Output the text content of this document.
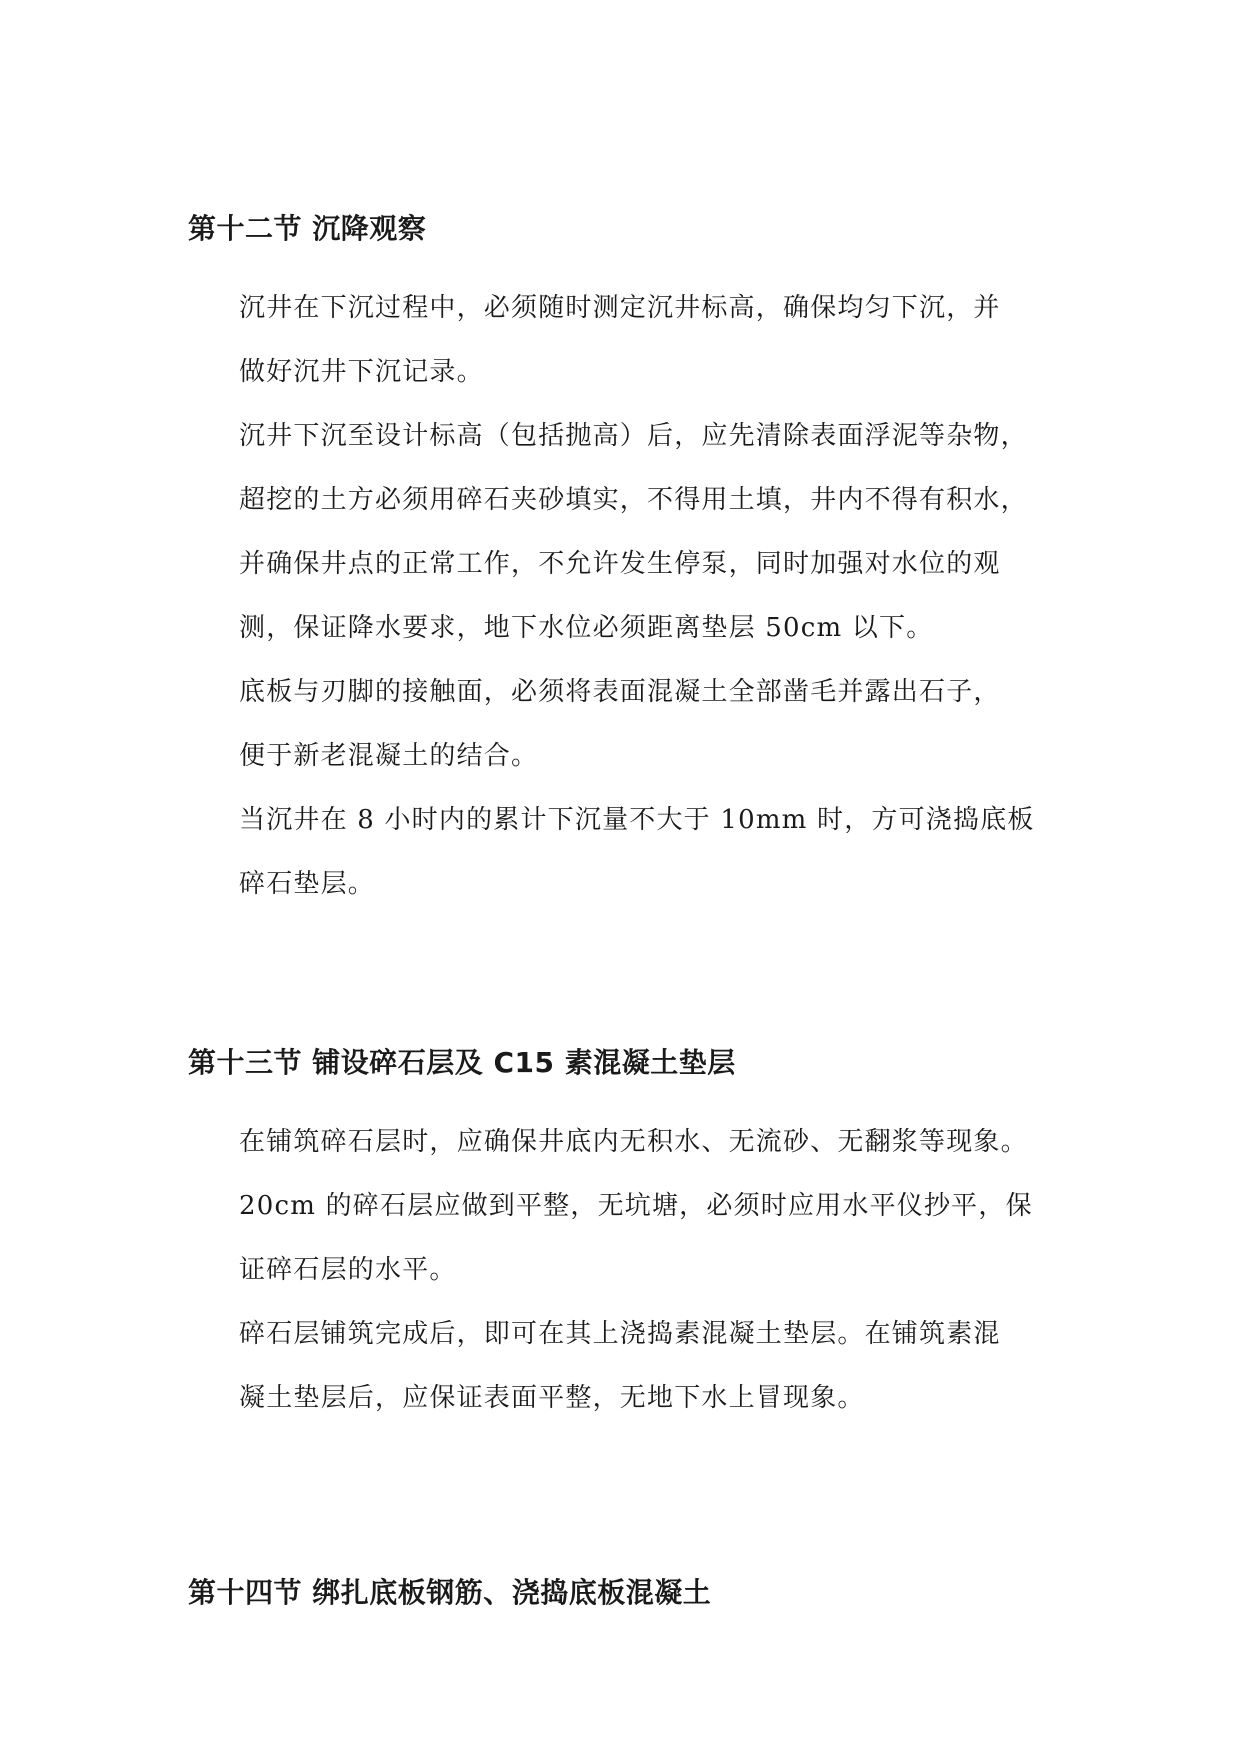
第十二节 沉降观察

沉井在下沉过程中，必须随时测定沉井标高，确保均匀下沉，并
做好沉井下沉记录。

沉井下沉至设计标高（包括抛高）后，应先清除表面浮泥等杂物，
超挖的土方必须用碎石夹砂填实，不得用土填，井内不得有积水，
并确保井点的正常工作，不允许发生停泵，同时加强对水位的观
测，保证降水要求，地下水位必须距离垫层 50cm 以下。

底板与刃脚的接触面，必须将表面混凝土全部凿毛并露出石子，
便于新老混凝土的结合。

当沉井在 8 小时内的累计下沉量不大于 10mm 时，方可浇捣底板
碎石垫层。

第十三节 铺设碎石层及 C15 素混凝土垫层

在铺筑碎石层时，应确保井底内无积水、无流砂、无翻浆等现象。
20cm 的碎石层应做到平整，无坑塘，必须时应用水平仪抄平，保
证碎石层的水平。

碎石层铺筑完成后，即可在其上浇捣素混凝土垫层。在铺筑素混
凝土垫层后，应保证表面平整，无地下水上冒现象。

第十四节 绑扎底板钢筋、浇捣底板混凝土
